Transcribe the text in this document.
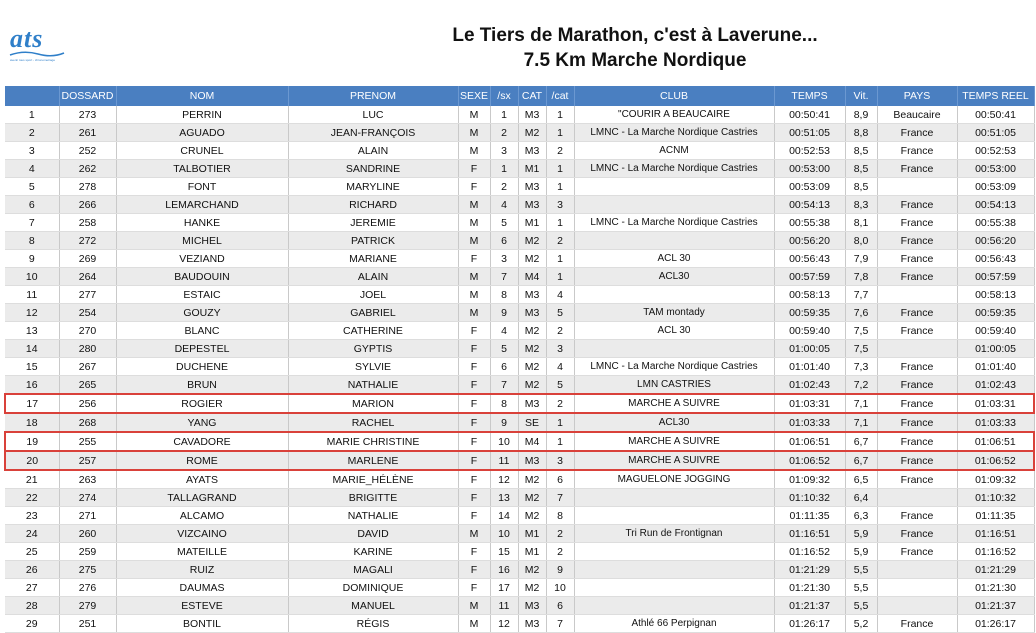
ats
avenir tous sport - chronometrage
Le Tiers de Marathon, c'est à Laverune...
7.5 Km Marche Nordique
	DOSSARD	NOM	PRENOM	SEXE	/sx	CAT	/cat	CLUB	TEMPS	Vit.	PAYS	TEMPS REEL
1	273	PERRIN	LUC	M	1	M3	1	"COURIR A BEAUCAIRE	00:50:41	8,9	Beaucaire	00:50:41
2	261	AGUADO	JEAN-FRANÇOIS	M	2	M2	1	LMNC - La Marche Nordique Castries	00:51:05	8,8	France	00:51:05
3	252	CRUNEL	ALAIN	M	3	M3	2	ACNM	00:52:53	8,5	France	00:52:53
4	262	TALBOTIER	SANDRINE	F	1	M1	1	LMNC - La Marche Nordique Castries	00:53:00	8,5	France	00:53:00
5	278	FONT	MARYLINE	F	2	M3	1		00:53:09	8,5		00:53:09
6	266	LEMARCHAND	RICHARD	M	4	M3	3		00:54:13	8,3	France	00:54:13
7	258	HANKE	JEREMIE	M	5	M1	1	LMNC - La Marche Nordique Castries	00:55:38	8,1	France	00:55:38
8	272	MICHEL	PATRICK	M	6	M2	2		00:56:20	8,0	France	00:56:20
9	269	VEZIAND	MARIANE	F	3	M2	1	ACL 30	00:56:43	7,9	France	00:56:43
10	264	BAUDOUIN	ALAIN	M	7	M4	1	ACL30	00:57:59	7,8	France	00:57:59
11	277	ESTAIC	JOEL	M	8	M3	4		00:58:13	7,7		00:58:13
12	254	GOUZY	GABRIEL	M	9	M3	5	TAM montady	00:59:35	7,6	France	00:59:35
13	270	BLANC	CATHERINE	F	4	M2	2	ACL 30	00:59:40	7,5	France	00:59:40
14	280	DEPESTEL	GYPTIS	F	5	M2	3		01:00:05	7,5		01:00:05
15	267	DUCHENE	SYLVIE	F	6	M2	4	LMNC - La Marche Nordique Castries	01:01:40	7,3	France	01:01:40
16	265	BRUN	NATHALIE	F	7	M2	5	LMN CASTRIES	01:02:43	7,2	France	01:02:43
17	256	ROGIER	MARION	F	8	M3	2	MARCHE A SUIVRE	01:03:31	7,1	France	01:03:31
18	268	YANG	RACHEL	F	9	SE	1	ACL30	01:03:33	7,1	France	01:03:33
19	255	CAVADORE	MARIE CHRISTINE	F	10	M4	1	MARCHE A SUIVRE	01:06:51	6,7	France	01:06:51
20	257	ROME	MARLENE	F	11	M3	3	MARCHE A SUIVRE	01:06:52	6,7	France	01:06:52
21	263	AYATS	MARIE_HÉLÈNE	F	12	M2	6	MAGUELONE JOGGING	01:09:32	6,5	France	01:09:32
22	274	TALLAGRAND	BRIGITTE	F	13	M2	7		01:10:32	6,4		01:10:32
23	271	ALCAMO	NATHALIE	F	14	M2	8		01:11:35	6,3	France	01:11:35
24	260	VIZCAINO	DAVID	M	10	M1	2	Tri Run de Frontignan	01:16:51	5,9	France	01:16:51
25	259	MATEILLE	KARINE	F	15	M1	2		01:16:52	5,9	France	01:16:52
26	275	RUIZ	MAGALI	F	16	M2	9		01:21:29	5,5		01:21:29
27	276	DAUMAS	DOMINIQUE	F	17	M2	10		01:21:30	5,5		01:21:30
28	279	ESTEVE	MANUEL	M	11	M3	6		01:21:37	5,5		01:21:37
29	251	BONTIL	RÉGIS	M	12	M3	7	Athlé 66 Perpignan	01:26:17	5,2	France	01:26:17
